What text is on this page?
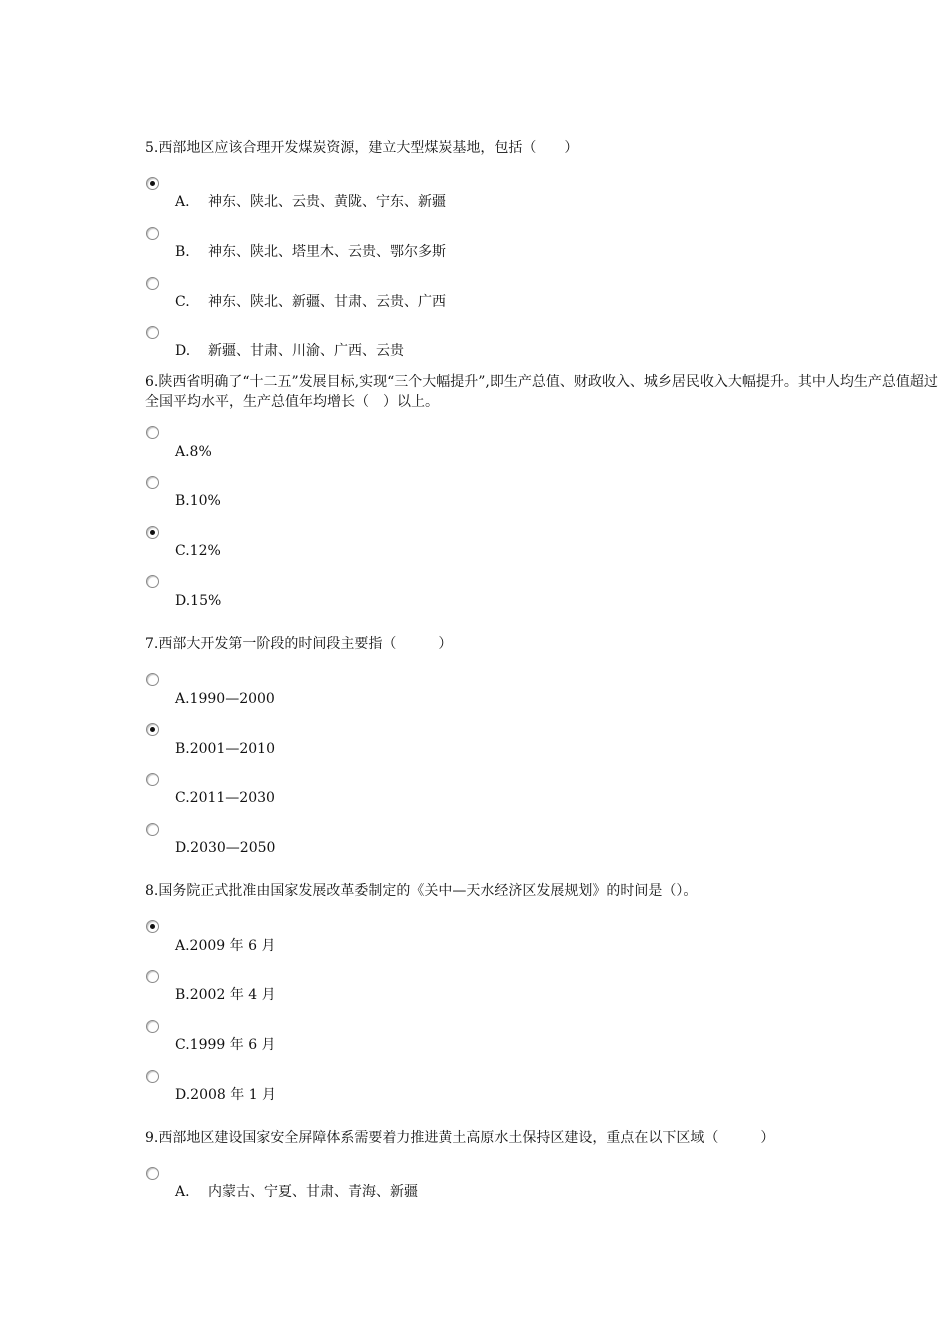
5.西部地区应该合理开发煤炭资源，建立大型煤炭基地，包括（　　）
A. 神东、陕北、云贵、黄陇、宁东、新疆
B. 神东、陕北、塔里木、云贵、鄂尔多斯
C. 神东、陕北、新疆、甘肃、云贵、广西
D. 新疆、甘肃、川渝、广西、云贵
6.陕西省明确了“十二五”发展目标,实现“三个大幅提升”,即生产总值、财政收入、城乡居民收入大幅提升。其中人均生产总值超过全国平均水平，生产总值年均增长（　）以上。
A.8%
B.10%
C.12%
D.15%
7.西部大开发第一阶段的时间段主要指（　　　）
A.1990—2000
B.2001—2010
C.2011—2030
D.2030—2050
8.国务院正式批准由国家发展改革委制定的《关中—天水经济区发展规划》的时间是（）。
A.2009 年 6 月
B.2002 年 4 月
C.1999 年 6 月
D.2008 年 1 月
9.西部地区建设国家安全屏障体系需要着力推进黄土高原水土保持区建设，重点在以下区域（　　　）
A. 内蒙古、宁夏、甘肃、青海、新疆
